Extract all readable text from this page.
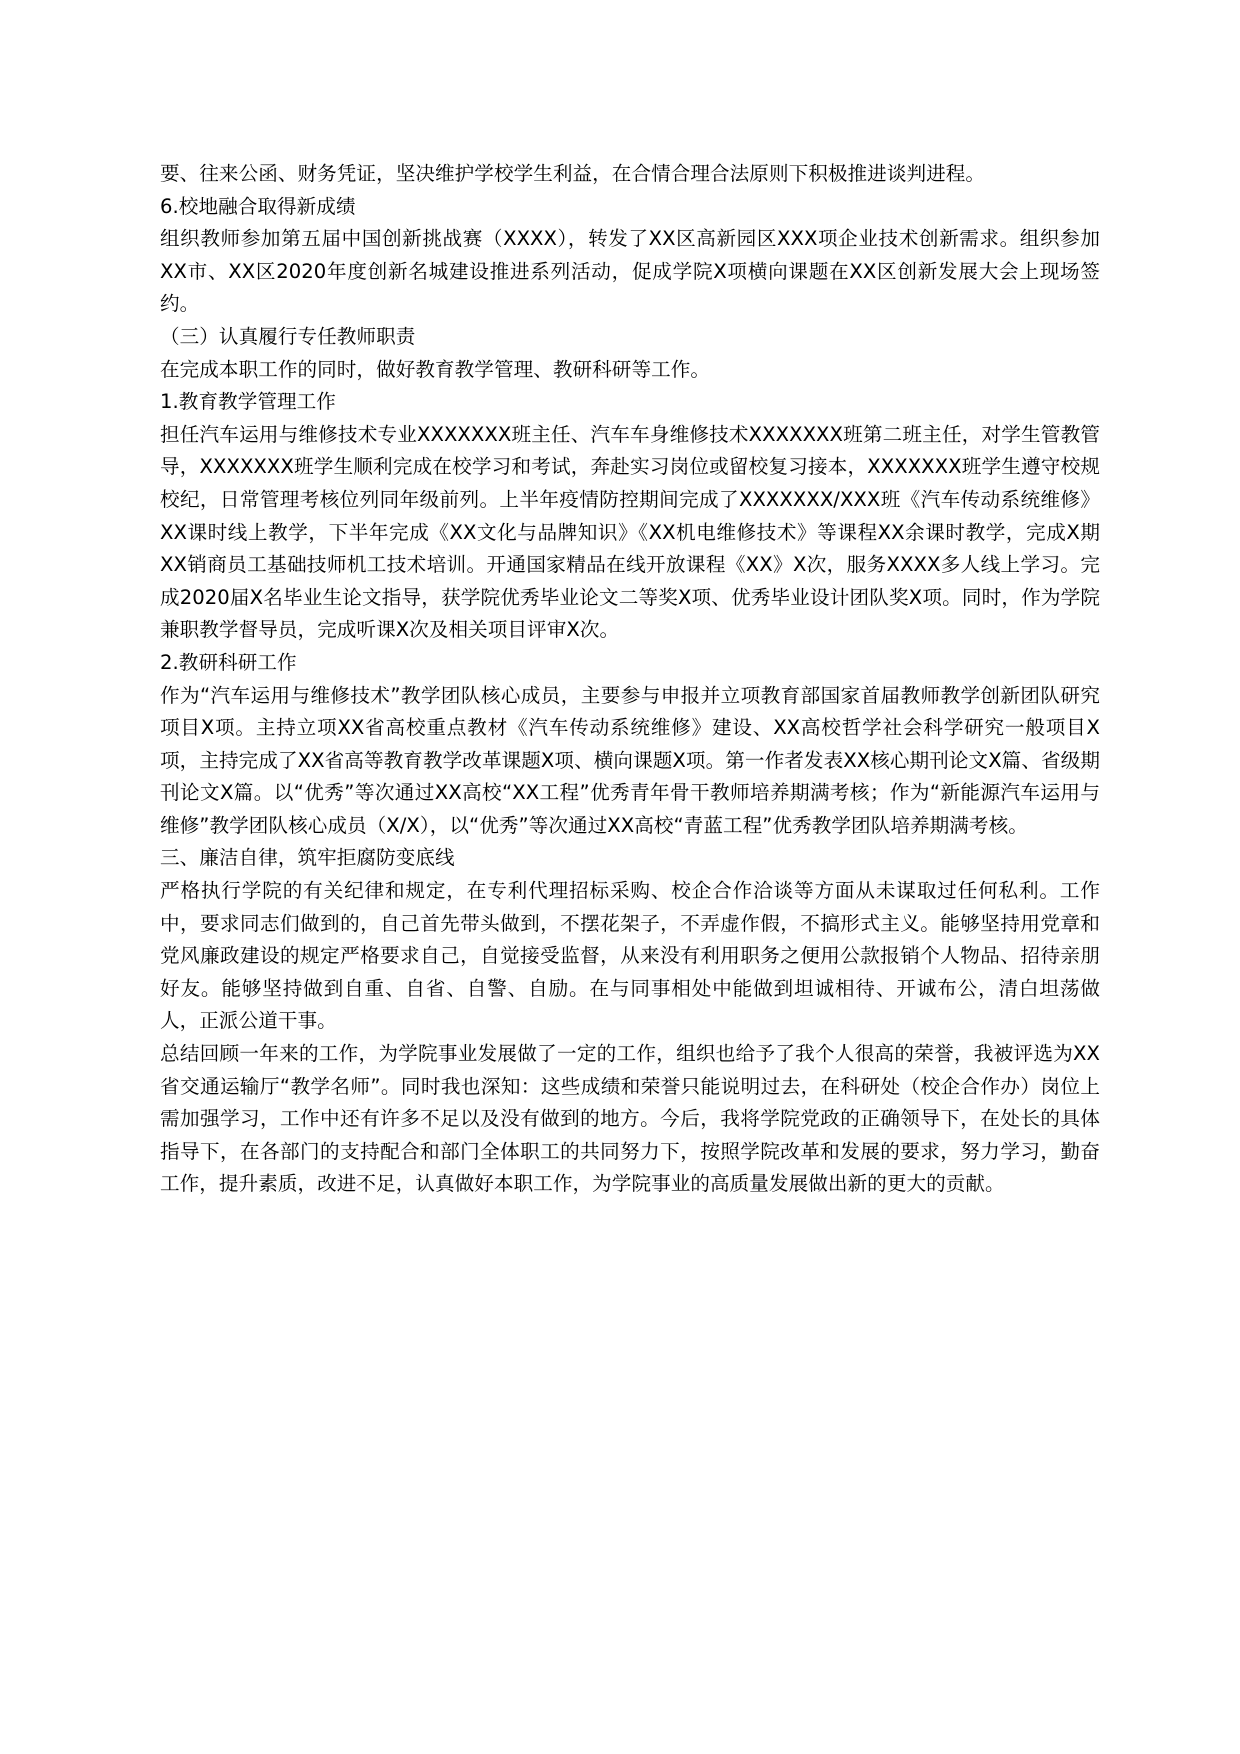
要、往来公函、财务凭证，坚决维护学校学生利益，在合情合理合法原则下积极推进谈判进程。

6.校地融合取得新成绩

组织教师参加第五届中国创新挑战赛（XXXX），转发了XX区高新园区XXX项企业技术创新需求。组织参加XX市、XX区2020年度创新名城建设推进系列活动，促成学院X项横向课题在XX区创新发展大会上现场签约。

（三）认真履行专任教师职责

在完成本职工作的同时，做好教育教学管理、教研科研等工作。

1.教育教学管理工作

担任汽车运用与维修技术专业XXXXXXX班主任、汽车车身维修技术XXXXXXX班第二班主任，对学生管教管导，XXXXXXX班学生顺利完成在校学习和考试，奔赴实习岗位或留校复习接本，XXXXXXX班学生遵守校规校纪，日常管理考核位列同年级前列。上半年疫情防控期间完成了XXXXXXX/XXX班《汽车传动系统维修》XX课时线上教学，下半年完成《XX文化与品牌知识》《XX机电维修技术》等课程XX余课时教学，完成X期XX销商员工基础技师机工技术培训。开通国家精品在线开放课程《XX》X次，服务XXXX多人线上学习。完成2020届X名毕业生论文指导，获学院优秀毕业论文二等奖X项、优秀毕业设计团队奖X项。同时，作为学院兼职教学督导员，完成听课X次及相关项目评审X次。

2.教研科研工作

作为“汽车运用与维修技术”教学团队核心成员，主要参与申报并立项教育部国家首届教师教学创新团队研究项目X项。主持立项XX省高校重点教材《汽车传动系统维修》建设、XX高校哲学社会科学研究一般项目X项，主持完成了XX省高等教育教学改革课题X项、横向课题X项。第一作者发表XX核心期刊论文X篇、省级期刊论文X篇。以“优秀”等次通过XX高校“XX工程”优秀青年骨干教师培养期满考核；作为“新能源汽车运用与维修”教学团队核心成员（X/X），以“优秀”等次通过XX高校“青蓝工程”优秀教学团队培养期满考核。

三、廉洁自律，筑牢拒腐防变底线

严格执行学院的有关纪律和规定，在专利代理招标采购、校企合作洽谈等方面从未谋取过任何私利。工作中，要求同志们做到的，自己首先带头做到，不摆花架子，不弄虚作假，不搞形式主义。能够坚持用党章和党风廉政建设的规定严格要求自己，自觉接受监督，从来没有利用职务之便用公款报销个人物品、招待亲朋好友。能够坚持做到自重、自省、自警、自励。在与同事相处中能做到坦诚相待、开诚布公，清白坦荡做人，正派公道干事。

总结回顾一年来的工作，为学院事业发展做了一定的工作，组织也给予了我个人很高的荣誉，我被评选为XX省交通运输厅“教学名师”。同时我也深知：这些成绩和荣誉只能说明过去，在科研处（校企合作办）岗位上需加强学习，工作中还有许多不足以及没有做到的地方。今后，我将学院党政的正确领导下，在处长的具体指导下，在各部门的支持配合和部门全体职工的共同努力下，按照学院改革和发展的要求，努力学习，勤奋工作，提升素质，改进不足，认真做好本职工作，为学院事业的高质量发展做出新的更大的贡献。
